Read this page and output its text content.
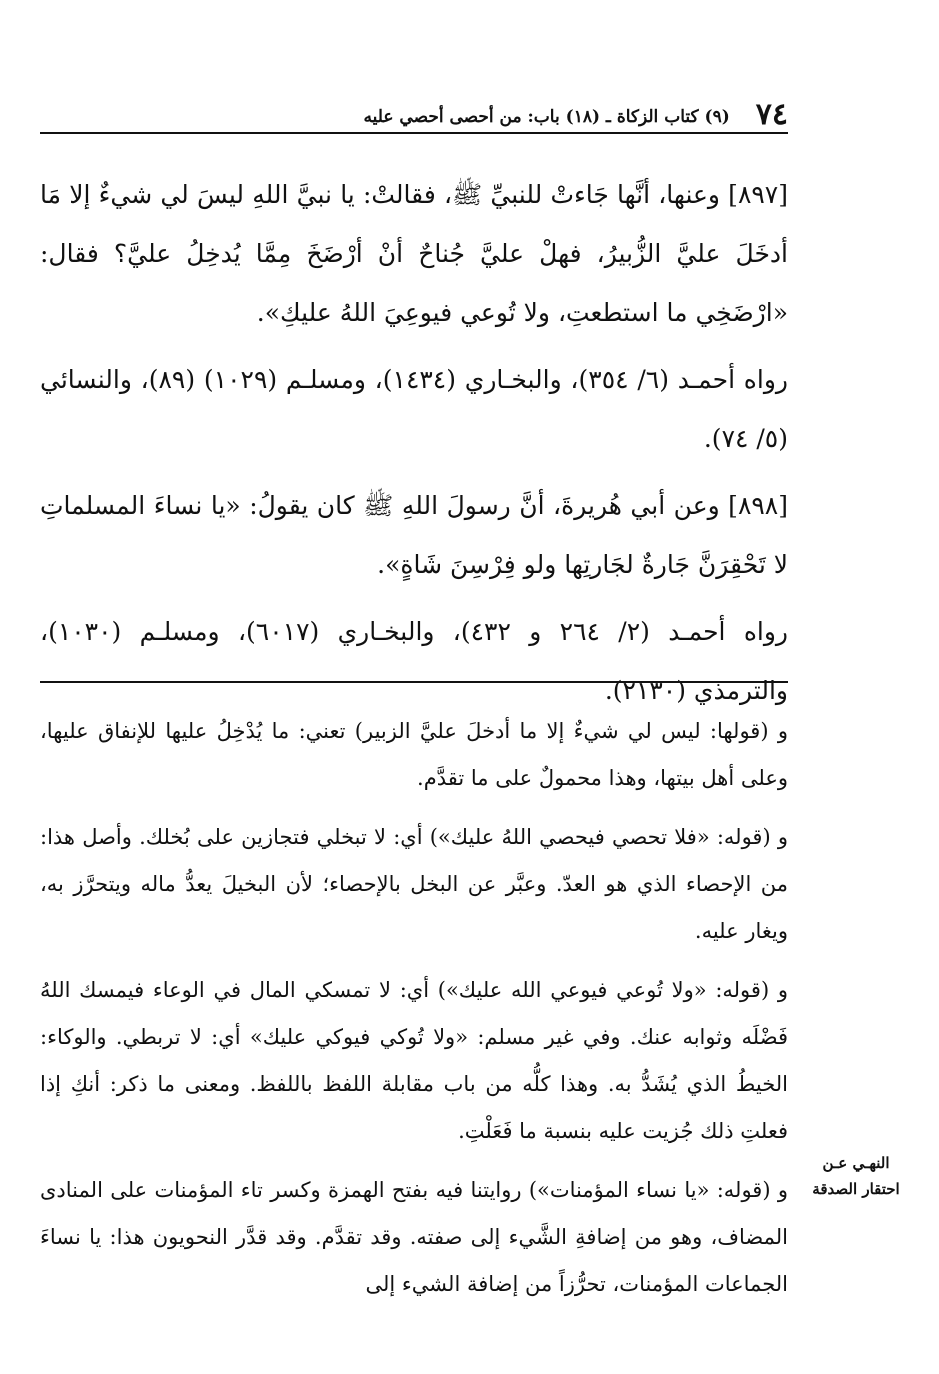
٧٤
(٩) كتاب الزكاة ـ (١٨) باب: من أحصى أحصي عليه

[٨٩٧] وعنها، أنَّها جَاءتْ للنبيِّ ﷺ، فقالتْ: يا نبيَّ اللهِ ليسَ لي شيءٌ إلا مَا أدخَلَ عليَّ الزُّبيرُ، فهلْ عليَّ جُناحٌ أنْ أرْضَخَ مِمَّا يُدخِلُ عليَّ؟ فقال: «ارْضَخِي ما استطعتِ، ولا تُوعي فيوعِيَ اللهُ عليكِ».

رواه أحمـد (٦/ ٣٥٤)، والبخـاري (١٤٣٤)، ومسلـم (١٠٢٩) (٨٩)، والنسائي (٥/ ٧٤).

[٨٩٨] وعن أبي هُريرةَ، أنَّ رسولَ اللهِ ﷺ كان يقولُ: «يا نساءَ المسلماتِ لا تَحْقِرَنَّ جَارةٌ لجَارتِها ولو فِرْسِنَ شَاةٍ».

رواه أحمـد (٢/ ٢٦٤ و ٤٣٢)، والبخـاري (٦٠١٧)، ومسلـم (١٠٣٠)، والترمذي (٢١٣٠).

و (قولها: ليس لي شيءٌ إلا ما أدخلَ عليَّ الزبير) تعني: ما يُدْخِلُ عليها للإنفاق عليها، وعلى أهل بيتها، وهذا محمولٌ على ما تقدَّم.

و (قوله: «فلا تحصي فيحصي اللهُ عليك») أي: لا تبخلي فتجازين على بُخلك. وأصل هذا: من الإحصاء الذي هو العدّ. وعبَّر عن البخل بالإحصاء؛ لأن البخيلَ يعدُّ ماله ويتحرَّز به، ويغار عليه.

و (قوله: «ولا تُوعي فيوعي الله عليك») أي: لا تمسكي المال في الوعاء فيمسك اللهُ فَضْلَه وثوابه عنك. وفي غير مسلم: «ولا تُوكي فيوكي عليك» أي: لا تربطي. والوكاء: الخيطُ الذي يُشَدُّ به. وهذا كلُّه من باب مقابلة اللفظ باللفظ. ومعنى ما ذكر: أنكِ إذا فعلتِ ذلك جُزيت عليه بنسبة ما فَعَلْتِ.

و (قوله: «يا نساء المؤمنات») روايتنا فيه بفتح الهمزة وكسر تاء المؤمنات على المنادى المضاف، وهو من إضافةِ الشَّيء إلى صفته. وقد تقدَّم. وقد قدَّر النحويون هذا: يا نساءَ الجماعات المؤمنات، تحرُّزاً من إضافة الشيء إلى

النهـي عـن
احتقار الصدقة
